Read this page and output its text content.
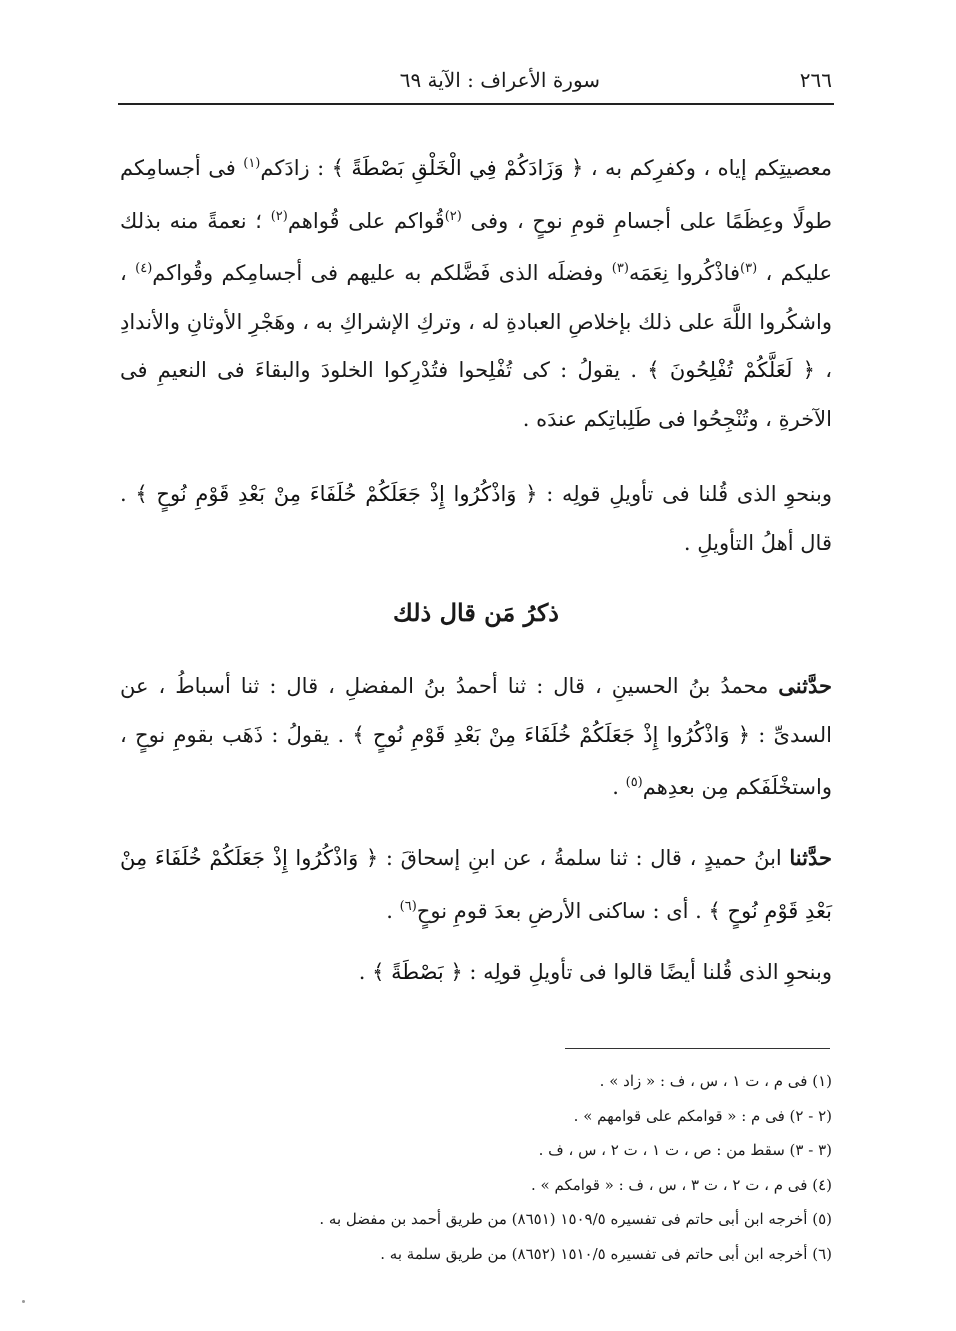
٢٦٦
سورة الأعراف : الآية ٦٩
معصيتِكم إياه ، وكفرِكم به ، ﴿ وَزَادَكُمْ فِي الْخَلْقِ بَصْطَةً ﴾ : زادَكم$^{(١)}$ فى أجسامِكم طولًا وعِظَمًا على أجسامِ قومِ نوحٍ ، وفى $^{(٢)}$قُواكم على قُواهم$^{(٢)}$ ؛ نعمةً منه بذلك عليكم ، $^{(٣)}$فاذْكُروا نِعَمَه$^{(٣)}$ وفضلَه الذى فَضَّلكم به عليهم فى أجسامِكم وقُواكم$^{(٤)}$ ، واشكُروا اللَّهَ على ذلك بإخلاصِ العبادةِ له ، وتركِ الإشراكِ به ، وهَجْرِ الأوثانِ والأندادِ ، ﴿ لَعَلَّكُمْ تُفْلِحُونَ ﴾ . يقولُ : كى تُفْلِحوا فتُدْرِكوا الخلودَ والبقاءَ فى النعيمِ فى الآخرةِ ، وتُنْجِحُوا فى طَلِباتِكم عندَه .
وبنحوِ الذى قُلنا فى تأويلِ قولِه : ﴿ وَاذْكُرُوا إِذْ جَعَلَكُمْ خُلَفَاءَ مِنْ بَعْدِ قَوْمِ نُوحٍ ﴾ . قال أهلُ التأويلِ .
ذكرُ مَن قال ذلك
حدَّثنى محمدُ بنُ الحسينِ ، قال : ثنا أحمدُ بنُ المفضلِ ، قال : ثنا أسباطُ ، عن السدىِّ : ﴿ وَاذْكُرُوا إِذْ جَعَلَكُمْ خُلَفَاءَ مِنْ بَعْدِ قَوْمِ نُوحٍ ﴾ . يقولُ : ذَهَب بقومِ نوحٍ ، واستخْلَفَكم مِن بعدِهم$^{(٥)}$ .
حدَّثنا ابنُ حميدٍ ، قال : ثنا سلمةُ ، عن ابنِ إسحاقَ : ﴿ وَاذْكُرُوا إِذْ جَعَلَكُمْ خُلَفَاءَ مِنْ بَعْدِ قَوْمِ نُوحٍ ﴾ . أى : ساكنى الأرضِ بعدَ قومِ نوحٍ$^{(٦)}$ .
وبنحوِ الذى قُلنا أيضًا قالوا فى تأويلِ قولِه : ﴿ بَصْطَةً ﴾ .
(١) فى م ، ت ١ ، س ، ف : « زاد » .
(٢ - ٢) فى م : « قوامكم على قوامهم » .
(٣ - ٣) سقط من : ص ، ت ١ ، ت ٢ ، س ، ف .
(٤) فى م ، ت ٢ ، ت ٣ ، س ، ف : « قوامكم » .
(٥) أخرجه ابن أبى حاتم فى تفسيره ١٥٠٩/٥ (٨٦٥١) من طريق أحمد بن مفضل به .
(٦) أخرجه ابن أبى حاتم فى تفسيره ١٥١٠/٥ (٨٦٥٢) من طريق سلمة به .
